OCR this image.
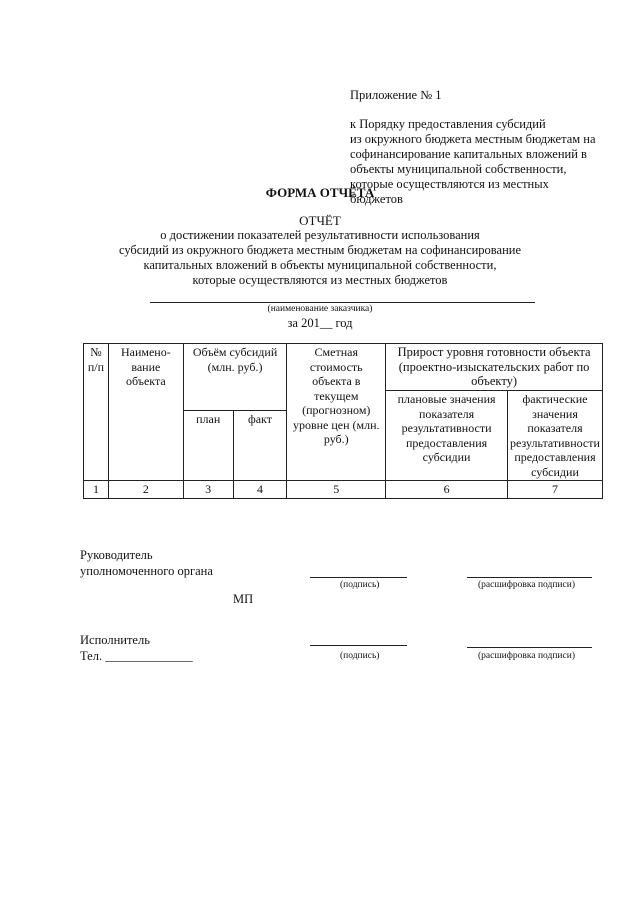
Приложение № 1
к Порядку предоставления субсидий
из окружного бюджета местным бюджетам на
софинансирование капитальных вложений в
объекты муниципальной собственности,
которые осуществляются из местных
бюджетов
ФОРМА ОТЧЁТА
ОТЧЁТ
о достижении показателей результативности использования
субсидий из окружного бюджета местным бюджетам на софинансирование
капитальных вложений в объекты муниципальной собственности,
которые осуществляются из местных бюджетов
(наименование заказчика)
за 201__ год
№ п/п	Наимено-вание объекта	Объём субсидий (млн. руб.)		Сметная стоимость объекта в текущем (прогнозном) уровне цен (млн. руб.)	Прирост уровня готовности объекта (проектно-изыскательских работ по объекту)	
					плановые значения показателя результативности предоставления субсидии	фактические значения показателя результативности предоставления субсидии
		план	факт			
1	2	3	4	5	6	7
Руководитель
уполномоченного органа
(подпись)	(расшифровка подписи)
МП
Исполнитель
Тел. ______________	(подпись)	(расшифровка подписи)
